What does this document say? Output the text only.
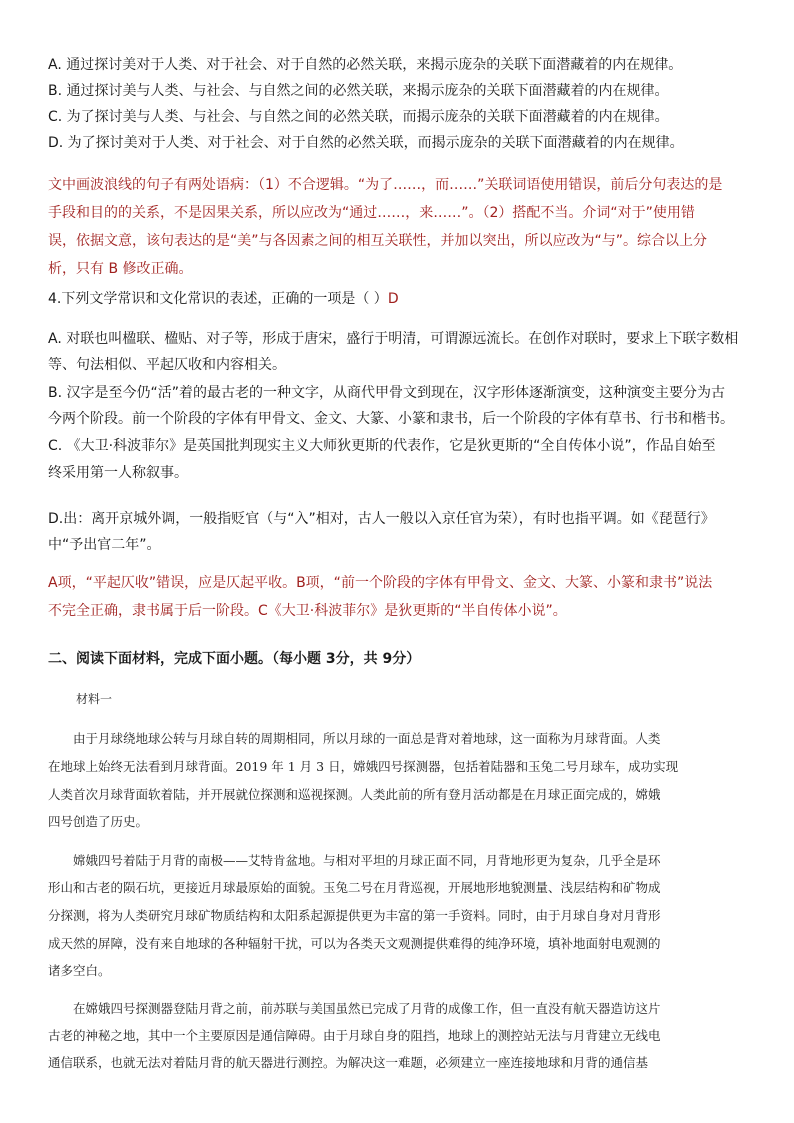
A. 通过探讨美对于人类、对于社会、对于自然的必然关联，来揭示庞杂的关联下面潜藏着的内在规律。
B. 通过探讨美与人类、与社会、与自然之间的必然关联，来揭示庞杂的关联下面潜藏着的内在规律。
C. 为了探讨美与人类、与社会、与自然之间的必然关联，而揭示庞杂的关联下面潜藏着的内在规律。
D. 为了探讨美对于人类、对于社会、对于自然的必然关联，而揭示庞杂的关联下面潜藏着的内在规律。
文中画波浪线的句子有两处语病：（1）不合逻辑。“为了……，而……”关联词语使用错误，前后分句表达的是
手段和目的的关系，不是因果关系，所以应改为“通过……，来……”。（2）搭配不当。介词“对于”使用错
误，依据文意，该句表达的是“美”与各因素之间的相互关联性，并加以突出，所以应改为“与”。综合以上分
析，只有 B 修改正确。
4.下列文学常识和文化常识的表述，正确的一项是（ ）D
A. 对联也叫楹联、楹贴、对子等，形成于唐宋，盛行于明清，可谓源远流长。在创作对联时，要求上下联字数相
等、句法相似、平起仄收和内容相关。
B. 汉字是至今仍“活”着的最古老的一种文字，从商代甲骨文到现在，汉字形体逐渐演变，这种演变主要分为古
今两个阶段。前一个阶段的字体有甲骨文、金文、大篆、小篆和隶书，后一个阶段的字体有草书、行书和楷书。
C. 《大卫·科波菲尔》是英国批判现实主义大师狄更斯的代表作，它是狄更斯的“全自传体小说”，作品自始至
终采用第一人称叙事。
D.出：离开京城外调，一般指贬官（与“入”相对，古人一般以入京任官为荣），有时也指平调。如《琵琶行》
中“予出官二年”。
A项，“平起仄收”错误，应是仄起平收。B项，“前一个阶段的字体有甲骨文、金文、大篆、小篆和隶书”说法
不完全正确，隶书属于后一阶段。C《大卫·科波菲尔》是狄更斯的“半自传体小说”。
二、阅读下面材料，完成下面小题。（每小题 3分，共 9分）
材料一
　　由于月球绕地球公转与月球自转的周期相同，所以月球的一面总是背对着地球，这一面称为月球背面。人类
在地球上始终无法看到月球背面。2019 年 1 月 3 日，嫦娥四号探测器，包括着陆器和玉兔二号月球车，成功实现
人类首次月球背面软着陆，并开展就位探测和巡视探测。人类此前的所有登月活动都是在月球正面完成的，嫦娥
四号创造了历史。
　　嫦娥四号着陆于月背的南极——艾特肯盆地。与相对平坦的月球正面不同，月背地形更为复杂，几乎全是环
形山和古老的陨石坑，更接近月球最原始的面貌。玉兔二号在月背巡视，开展地形地貌测量、浅层结构和矿物成
分探测，将为人类研究月球矿物质结构和太阳系起源提供更为丰富的第一手资料。同时，由于月球自身对月背形
成天然的屏障，没有来自地球的各种辐射干扰，可以为各类天文观测提供难得的纯净环境，填补地面射电观测的
诸多空白。
　　在嫦娥四号探测器登陆月背之前，前苏联与美国虽然已完成了月背的成像工作，但一直没有航天器造访这片
古老的神秘之地，其中一个主要原因是通信障碍。由于月球自身的阻挡，地球上的测控站无法与月背建立无线电
通信联系，也就无法对着陆月背的航天器进行测控。为解决这一难题，必须建立一座连接地球和月背的通信基
